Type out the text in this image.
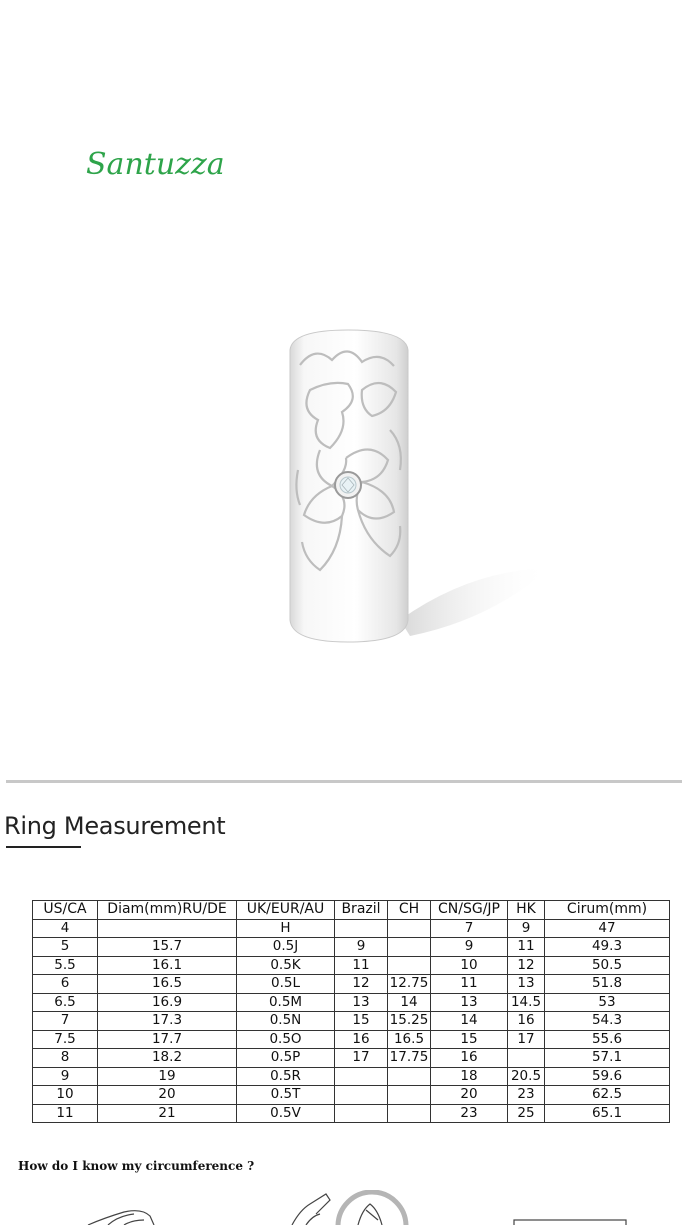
Santuzza
Ring Measurement
US/CA	Diam(mm)RU/DE	UK/EUR/AU	Brazil	CH	CN/SG/JP	HK	Cirum(mm)
4		H			7	9	47
5	15.7	0.5J	9		9	11	49.3
5.5	16.1	0.5K	11		10	12	50.5
6	16.5	0.5L	12	12.75	11	13	51.8
6.5	16.9	0.5M	13	14	13	14.5	53
7	17.3	0.5N	15	15.25	14	16	54.3
7.5	17.7	0.5O	16	16.5	15	17	55.6
8	18.2	0.5P	17	17.75	16		57.1
9	19	0.5R			18	20.5	59.6
10	20	0.5T			20	23	62.5
11	21	0.5V			23	25	65.1
How do I know my circumference ?
